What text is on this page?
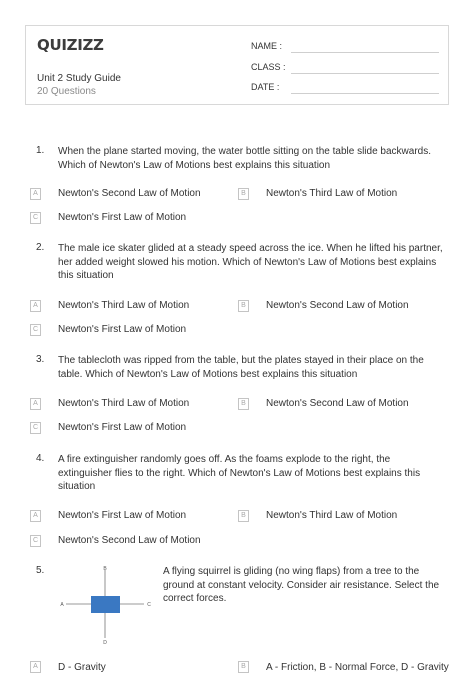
QUIZIZZ
Unit 2 Study Guide
20 Questions
NAME :
CLASS :
DATE :
1. When the plane started moving, the water bottle sitting on the table slide backwards. Which of Newton's Law of Motions best explains this situation
A	Newton's Second Law of Motion	B	Newton's Third Law of Motion
C Newton's First Law of Motion
2. The male ice skater glided at a steady speed across the ice. When he lifted his partner, her added weight slowed his motion. Which of Newton's Law of Motions best explains this situation
A	Newton's Third Law of Motion	B	Newton's Second Law of Motion
C Newton's First Law of Motion
3. The tablecloth was ripped from the table, but the plates stayed in their place on the table. Which of Newton's Law of Motions best explains this situation
A	Newton's Third Law of Motion	B	Newton's Second Law of Motion
C Newton's First Law of Motion
4. A fire extinguisher randomly goes off. As the foams explode to the right, the extinguisher flies to the right. Which of Newton's Law of Motions best explains this situation
A	Newton's First Law of Motion	B	Newton's Third Law of Motion
C Newton's Second Law of Motion
5.	A flying squirrel is gliding (no wing flaps) from a tree to the ground at constant velocity. Consider air resistance. Select the correct forces.
B
A	C
D
A	D - Gravity	B	A - Friction, B - Normal Force, D - Gravity
